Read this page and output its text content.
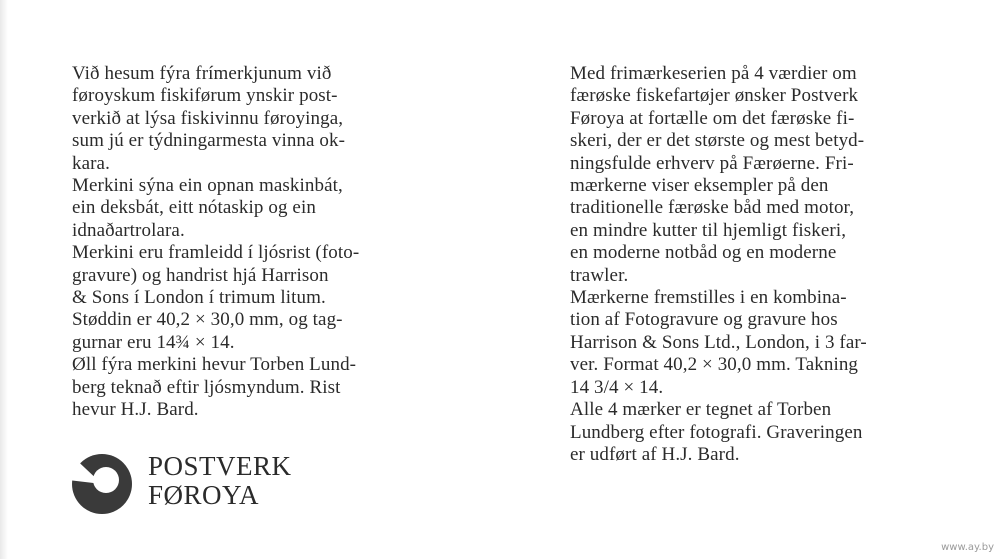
Við hesum fýra frímerkjunum við
føroyskum fiskiførum ynskir post-
verkið at lýsa fiskivinnu føroyinga,
sum jú er týdningarmesta vinna ok-
kara.
Merkini sýna ein opnan maskinbát,
ein deksbát, eitt nótaskip og ein
idnaðartrolara.
Merkini eru framleidd í ljósrist (foto-
gravure) og handrist hjá Harrison
& Sons í London í trimum litum.
Støddin er 40,2 × 30,0 mm, og tag-
gurnar eru 14¾ × 14.
Øll fýra merkini hevur Torben Lund-
berg teknað eftir ljósmyndum. Rist
hevur H.J. Bard.
Med frimærkeserien på 4 værdier om
færøske fiskefartøjer ønsker Postverk
Føroya at fortælle om det færøske fi-
skeri, der er det største og mest betyd-
ningsfulde erhverv på Færøerne. Fri-
mærkerne viser eksempler på den
traditionelle færøske båd med motor,
en mindre kutter til hjemligt fiskeri,
en moderne notbåd og en moderne
trawler.
Mærkerne fremstilles i en kombina-
tion af Fotogravure og gravure hos
Harrison & Sons Ltd., London, i 3 far-
ver. Format 40,2 × 30,0 mm. Takning
14 3/4 × 14.
Alle 4 mærker er tegnet af Torben
Lundberg efter fotografi. Graveringen
er udført af H.J. Bard.
POSTVERK
FØROYA
www.ay.by
